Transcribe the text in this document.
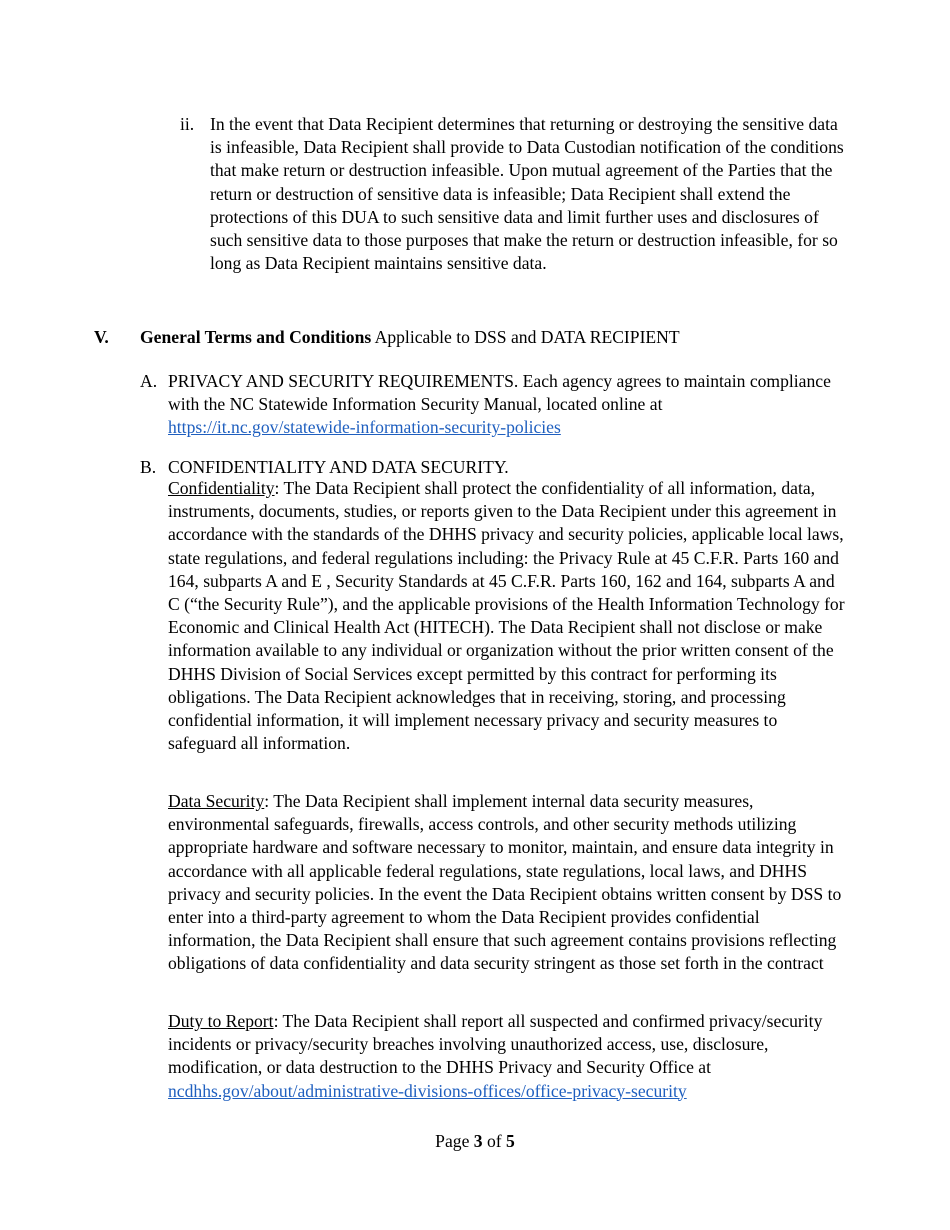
ii. In the event that Data Recipient determines that returning or destroying the sensitive data is infeasible, Data Recipient shall provide to Data Custodian notification of the conditions that make return or destruction infeasible. Upon mutual agreement of the Parties that the return or destruction of sensitive data is infeasible; Data Recipient shall extend the protections of this DUA to such sensitive data and limit further uses and disclosures of such sensitive data to those purposes that make the return or destruction infeasible, for so long as Data Recipient maintains sensitive data.
V. General Terms and Conditions Applicable to DSS and DATA RECIPIENT
A. PRIVACY AND SECURITY REQUIREMENTS. Each agency agrees to maintain compliance with the NC Statewide Information Security Manual, located online at
https://it.nc.gov/statewide-information-security-policies
B. CONFIDENTIALITY AND DATA SECURITY.
Confidentiality: The Data Recipient shall protect the confidentiality of all information, data, instruments, documents, studies, or reports given to the Data Recipient under this agreement in accordance with the standards of the DHHS privacy and security policies, applicable local laws, state regulations, and federal regulations including: the Privacy Rule at 45 C.F.R. Parts 160 and 164, subparts A and E , Security Standards at 45 C.F.R. Parts 160, 162 and 164, subparts A and C (“the Security Rule”), and the applicable provisions of the Health Information Technology for Economic and Clinical Health Act (HITECH). The Data Recipient shall not disclose or make information available to any individual or organization without the prior written consent of the DHHS Division of Social Services except permitted by this contract for performing its obligations. The Data Recipient acknowledges that in receiving, storing, and processing confidential information, it will implement necessary privacy and security measures to safeguard all information.
Data Security: The Data Recipient shall implement internal data security measures, environmental safeguards, firewalls, access controls, and other security methods utilizing appropriate hardware and software necessary to monitor, maintain, and ensure data integrity in accordance with all applicable federal regulations, state regulations, local laws, and DHHS privacy and security policies. In the event the Data Recipient obtains written consent by DSS to enter into a third-party agreement to whom the Data Recipient provides confidential information, the Data Recipient shall ensure that such agreement contains provisions reflecting obligations of data confidentiality and data security stringent as those set forth in the contract
Duty to Report: The Data Recipient shall report all suspected and confirmed privacy/security incidents or privacy/security breaches involving unauthorized access, use, disclosure, modification, or data destruction to the DHHS Privacy and Security Office at ncdhhs.gov/about/administrative-divisions-offices/office-privacy-security
Page 3 of 5
